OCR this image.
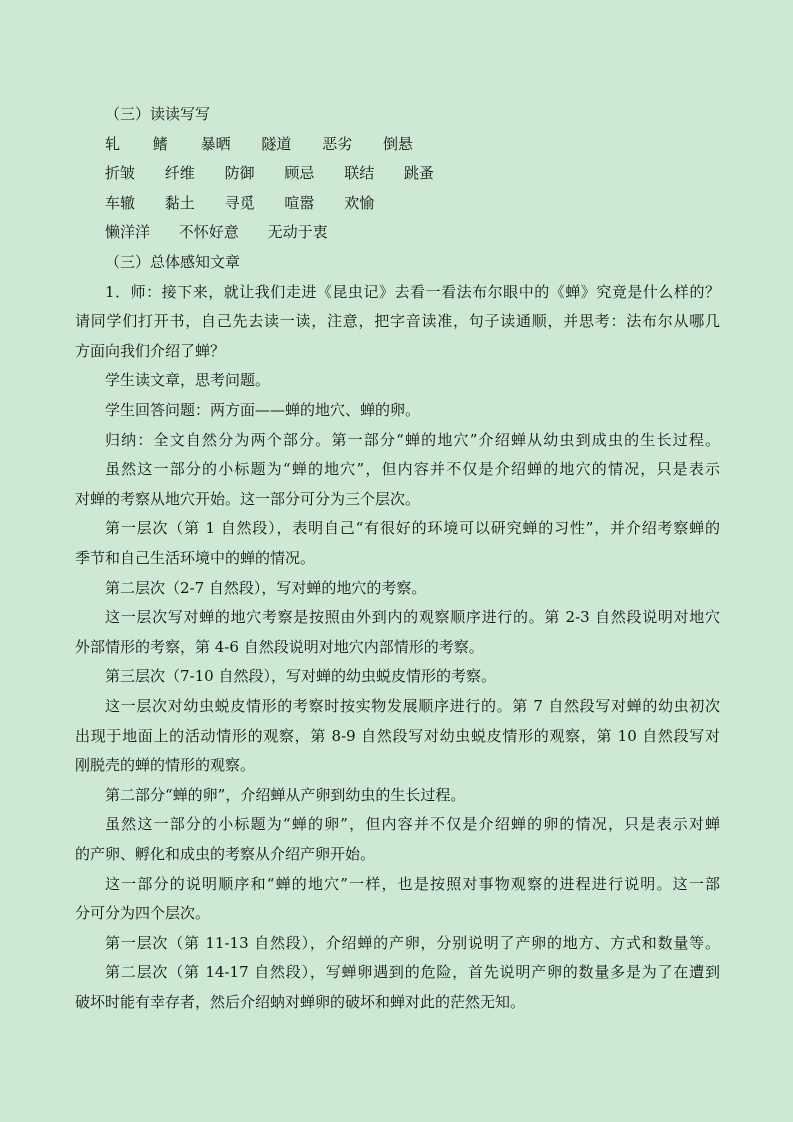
（三）读读写写
轧 鳍 暴晒 隧道 恶劣 倒悬
折皱 纤维 防御 顾忌 联结 跳蚤
车辙 黏土 寻觅 喧嚣 欢愉
懒洋洋 不怀好意 无动于衷
（三）总体感知文章
1．师：接下来，就让我们走进《昆虫记》去看一看法布尔眼中的《蝉》究竟是什么样的？
请同学们打开书，自己先去读一读，注意，把字音读准，句子读通顺，并思考：法布尔从哪几
方面向我们介绍了蝉？
学生读文章，思考问题。
学生回答问题：两方面——蝉的地穴、蝉的卵。
归纳：全文自然分为两个部分。第一部分“蝉的地穴”介绍蝉从幼虫到成虫的生长过程。
虽然这一部分的小标题为“蝉的地穴”，但内容并不仅是介绍蝉的地穴的情况，只是表示
对蝉的考察从地穴开始。这一部分可分为三个层次。
第一层次（第 1 自然段），表明自己“有很好的环境可以研究蝉的习性”，并介绍考察蝉的
季节和自己生活环境中的蝉的情况。
第二层次（2-7 自然段），写对蝉的地穴的考察。
这一层次写对蝉的地穴考察是按照由外到内的观察顺序进行的。第 2-3 自然段说明对地穴
外部情形的考察，第 4-6 自然段说明对地穴内部情形的考察。
第三层次（7-10 自然段），写对蝉的幼虫蜕皮情形的考察。
这一层次对幼虫蜕皮情形的考察时按实物发展顺序进行的。第 7 自然段写对蝉的幼虫初次
出现于地面上的活动情形的观察，第 8-9 自然段写对幼虫蜕皮情形的观察，第 10 自然段写对
刚脱壳的蝉的情形的观察。
第二部分“蝉的卵”，介绍蝉从产卵到幼虫的生长过程。
虽然这一部分的小标题为“蝉的卵”，但内容并不仅是介绍蝉的卵的情况，只是表示对蝉
的产卵、孵化和成虫的考察从介绍产卵开始。
这一部分的说明顺序和“蝉的地穴”一样，也是按照对事物观察的进程进行说明。这一部
分可分为四个层次。
第一层次（第 11-13 自然段），介绍蝉的产卵，分别说明了产卵的地方、方式和数量等。
第二层次（第 14-17 自然段），写蝉卵遇到的危险，首先说明产卵的数量多是为了在遭到
破坏时能有幸存者，然后介绍蚋对蝉卵的破坏和蝉对此的茫然无知。
